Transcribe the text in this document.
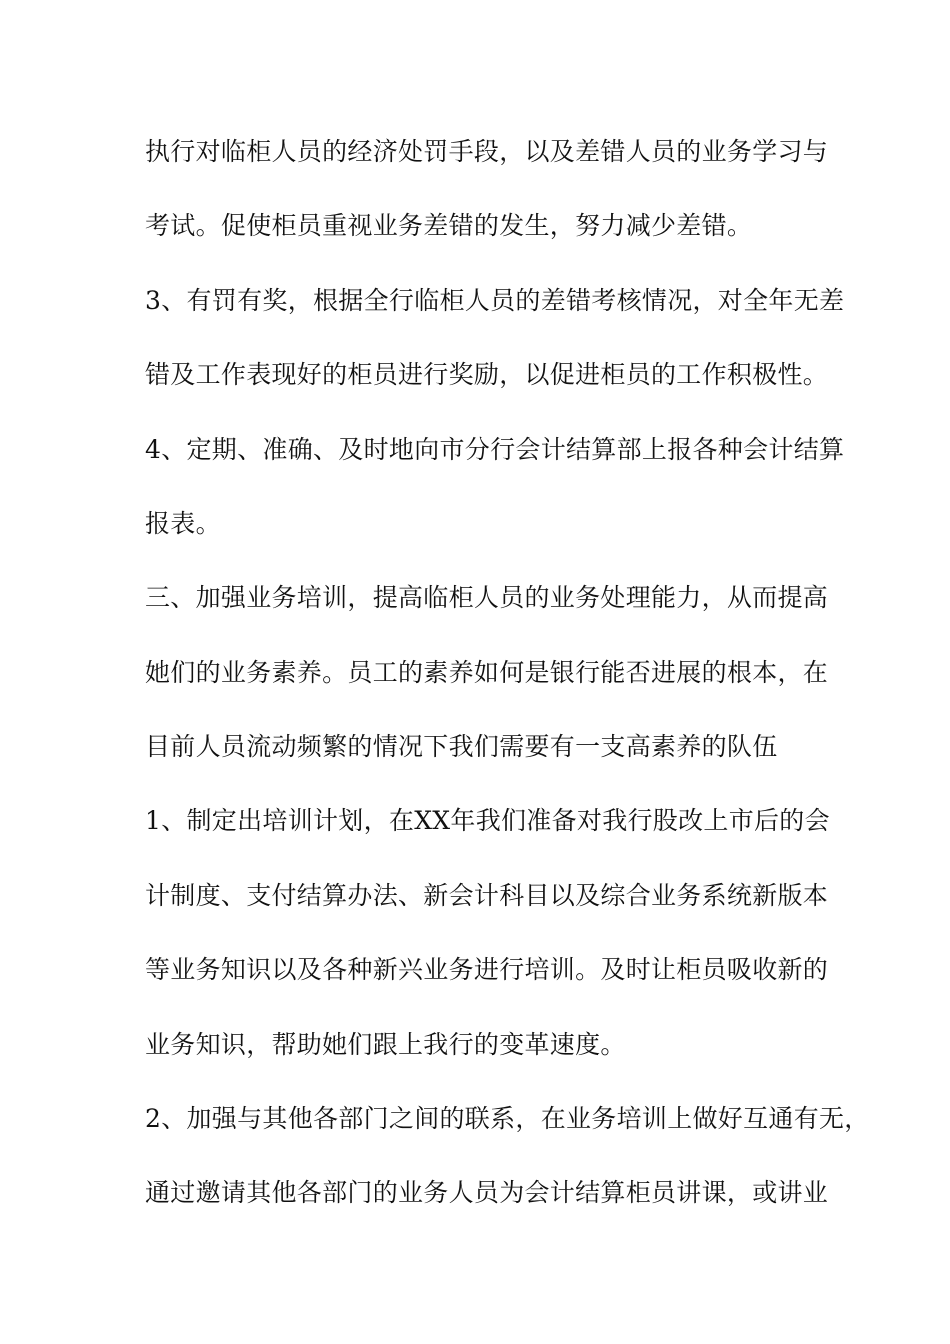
执行对临柜人员的经济处罚手段，以及差错人员的业务学习与
考试。促使柜员重视业务差错的发生，努力减少差错。
3、有罚有奖，根据全行临柜人员的差错考核情况，对全年无差
错及工作表现好的柜员进行奖励，以促进柜员的工作积极性。
4、定期、准确、及时地向市分行会计结算部上报各种会计结算
报表。
三、加强业务培训，提高临柜人员的业务处理能力，从而提高
她们的业务素养。员工的素养如何是银行能否进展的根本，在
目前人员流动频繁的情况下我们需要有一支高素养的队伍
1、制定出培训计划，在XX年我们准备对我行股改上市后的会
计制度、支付结算办法、新会计科目以及综合业务系统新版本
等业务知识以及各种新兴业务进行培训。及时让柜员吸收新的
业务知识，帮助她们跟上我行的变革速度。
2、加强与其他各部门之间的联系，在业务培训上做好互通有无，
通过邀请其他各部门的业务人员为会计结算柜员讲课，或讲业
